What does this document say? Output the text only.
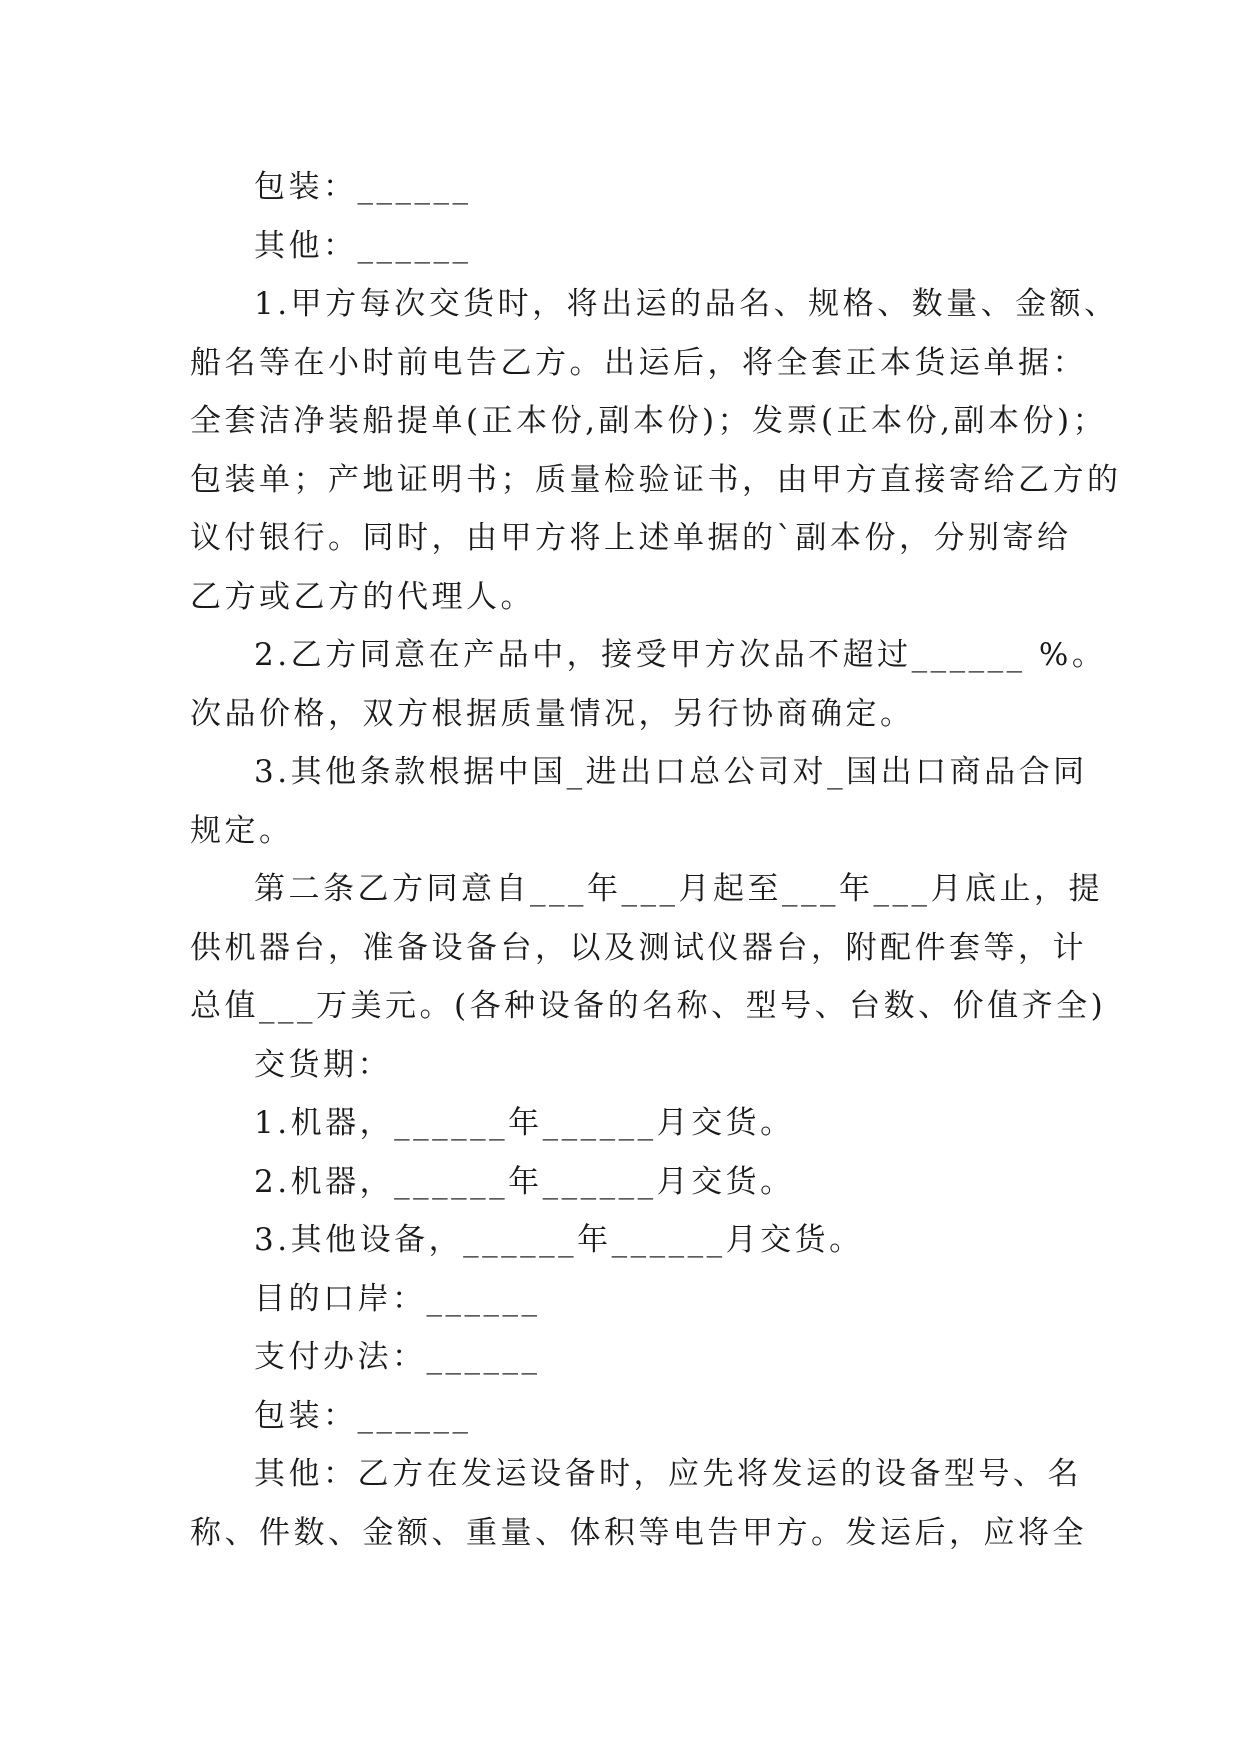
包装：______
其他：______
1.甲方每次交货时，将出运的品名、规格、数量、金额、
船名等在小时前电告乙方。出运后，将全套正本货运单据：
全套洁净装船提单(正本份,副本份)；发票(正本份,副本份)；
包装单；产地证明书；质量检验证书，由甲方直接寄给乙方的
议付银行。同时，由甲方将上述单据的`副本份，分别寄给
乙方或乙方的代理人。
2.乙方同意在产品中，接受甲方次品不超过______ %。
次品价格，双方根据质量情况，另行协商确定。
3.其他条款根据中国_进出口总公司对_国出口商品合同
规定。
第二条乙方同意自___年___月起至___年___月底止，提
供机器台，准备设备台，以及测试仪器台，附配件套等，计
总值___万美元。(各种设备的名称、型号、台数、价值齐全)
交货期：
1.机器，______年______月交货。
2.机器，______年______月交货。
3.其他设备，______年______月交货。
目的口岸：______
支付办法：______
包装：______
其他：乙方在发运设备时，应先将发运的设备型号、名
称、件数、金额、重量、体积等电告甲方。发运后，应将全
